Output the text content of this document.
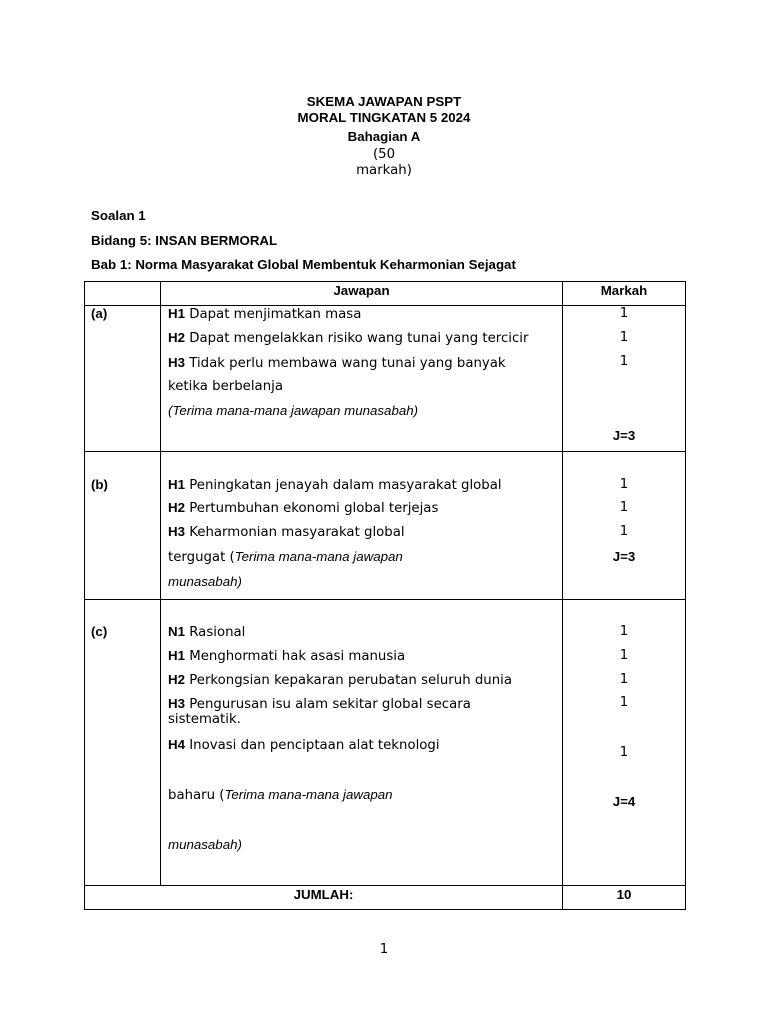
SKEMA JAWAPAN PSPT
MORAL TINGKATAN 5 2024
Bahagian A
(50
markah)
Soalan 1
Bidang 5: INSAN BERMORAL
Bab 1: Norma Masyarakat Global Membentuk Keharmonian Sejagat
Jawapan	Markah
(a)	H1 Dapat menjimatkan masa	1
H2 Dapat mengelakkan risiko wang tunai yang tercicir	1
H3 Tidak perlu membawa wang tunai yang banyak	1
ketika berbelanja
(Terima mana-mana jawapan munasabah)
J=3
(b)	H1 Peningkatan jenayah dalam masyarakat global	1
H2 Pertumbuhan ekonomi global terjejas	1
H3 Keharmonian masyarakat global	1
tergugat (Terima mana-mana jawapan	J=3
munasabah)
(c)	N1 Rasional	1
H1 Menghormati hak asasi manusia	1
H2 Perkongsian kepakaran perubatan seluruh dunia	1
H3 Pengurusan isu alam sekitar global secara	1
sistematik.
H4 Inovasi dan penciptaan alat teknologi	1
baharu (Terima mana-mana jawapan	J=4
munasabah)
JUMLAH:	10
1
